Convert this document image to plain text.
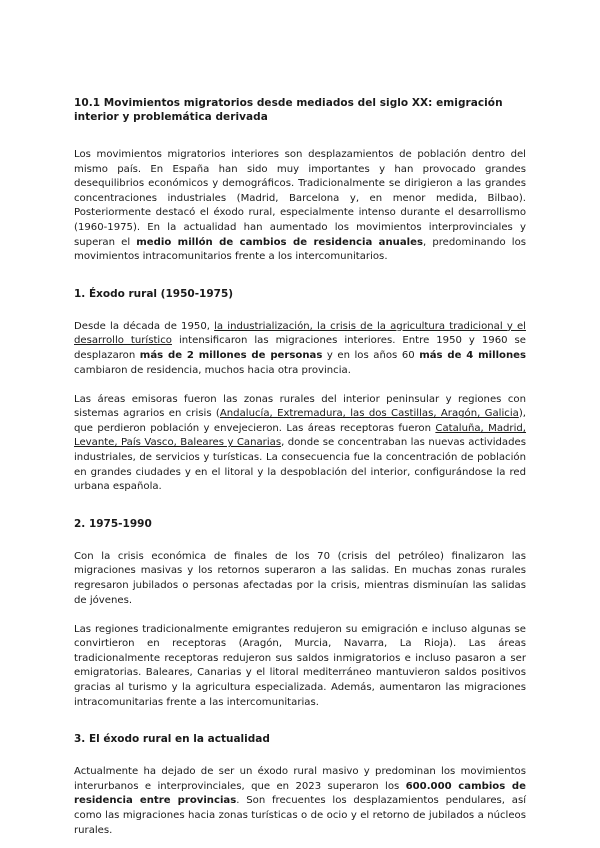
10.1 Movimientos migratorios desde mediados del siglo XX: emigración interior y problemática derivada

Los movimientos migratorios interiores son desplazamientos de población dentro del mismo país. En España han sido muy importantes y han provocado grandes desequilibrios económicos y demográficos. Tradicionalmente se dirigieron a las grandes concentraciones industriales (Madrid, Barcelona y, en menor medida, Bilbao). Posteriormente destacó el éxodo rural, especialmente intenso durante el desarrollismo (1960-1975). En la actualidad han aumentado los movimientos interprovinciales y superan el medio millón de cambios de residencia anuales, predominando los movimientos intracomunitarios frente a los intercomunitarios.

1. Éxodo rural (1950-1975)

Desde la década de 1950, la industrialización, la crisis de la agricultura tradicional y el desarrollo turístico intensificaron las migraciones interiores. Entre 1950 y 1960 se desplazaron más de 2 millones de personas y en los años 60 más de 4 millones cambiaron de residencia, muchos hacia otra provincia.

Las áreas emisoras fueron las zonas rurales del interior peninsular y regiones con sistemas agrarios en crisis (Andalucía, Extremadura, las dos Castillas, Aragón, Galicia), que perdieron población y envejecieron. Las áreas receptoras fueron Cataluña, Madrid, Levante, País Vasco, Baleares y Canarias, donde se concentraban las nuevas actividades industriales, de servicios y turísticas. La consecuencia fue la concentración de población en grandes ciudades y en el litoral y la despoblación del interior, configurándose la red urbana española.

2. 1975-1990

Con la crisis económica de finales de los 70 (crisis del petróleo) finalizaron las migraciones masivas y los retornos superaron a las salidas. En muchas zonas rurales regresaron jubilados o personas afectadas por la crisis, mientras disminuían las salidas de jóvenes.

Las regiones tradicionalmente emigrantes redujeron su emigración e incluso algunas se convirtieron en receptoras (Aragón, Murcia, Navarra, La Rioja). Las áreas tradicionalmente receptoras redujeron sus saldos inmigratorios e incluso pasaron a ser emigratorias. Baleares, Canarias y el litoral mediterráneo mantuvieron saldos positivos gracias al turismo y la agricultura especializada. Además, aumentaron las migraciones intracomunitarias frente a las intercomunitarias.

3. El éxodo rural en la actualidad

Actualmente ha dejado de ser un éxodo rural masivo y predominan los movimientos interurbanos e interprovinciales, que en 2023 superaron los 600.000 cambios de residencia entre provincias. Son frecuentes los desplazamientos pendulares, así como las migraciones hacia zonas turísticas o de ocio y el retorno de jubilados a núcleos rurales.
